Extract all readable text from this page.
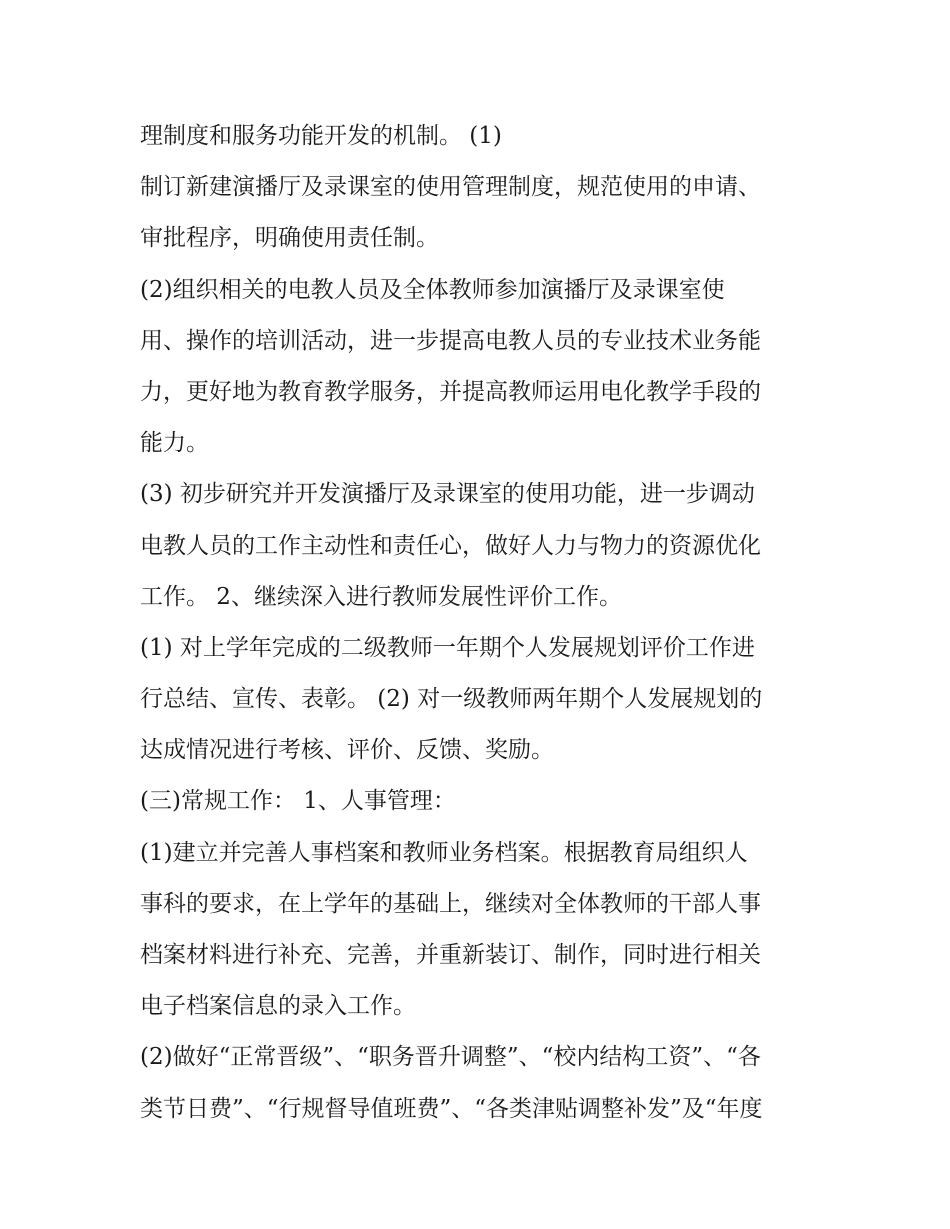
理制度和服务功能开发的机制。 (1)
制订新建演播厅及录课室的使用管理制度，规范使用的申请、
审批程序，明确使用责任制。
(2)组织相关的电教人员及全体教师参加演播厅及录课室使
用、操作的培训活动，进一步提高电教人员的专业技术业务能
力，更好地为教育教学服务，并提高教师运用电化教学手段的
能力。
(3) 初步研究并开发演播厅及录课室的使用功能，进一步调动
电教人员的工作主动性和责任心，做好人力与物力的资源优化
工作。 2、继续深入进行教师发展性评价工作。
(1) 对上学年完成的二级教师一年期个人发展规划评价工作进
行总结、宣传、表彰。 (2) 对一级教师两年期个人发展规划的
达成情况进行考核、评价、反馈、奖励。
(三)常规工作： 1、人事管理：
(1)建立并完善人事档案和教师业务档案。根据教育局组织人
事科的要求，在上学年的基础上，继续对全体教师的干部人事
档案材料进行补充、完善，并重新装订、制作，同时进行相关
电子档案信息的录入工作。
(2)做好“正常晋级”、“职务晋升调整”、“校内结构工资”、“各
类节日费”、“行规督导值班费”、“各类津贴调整补发”及“年度
